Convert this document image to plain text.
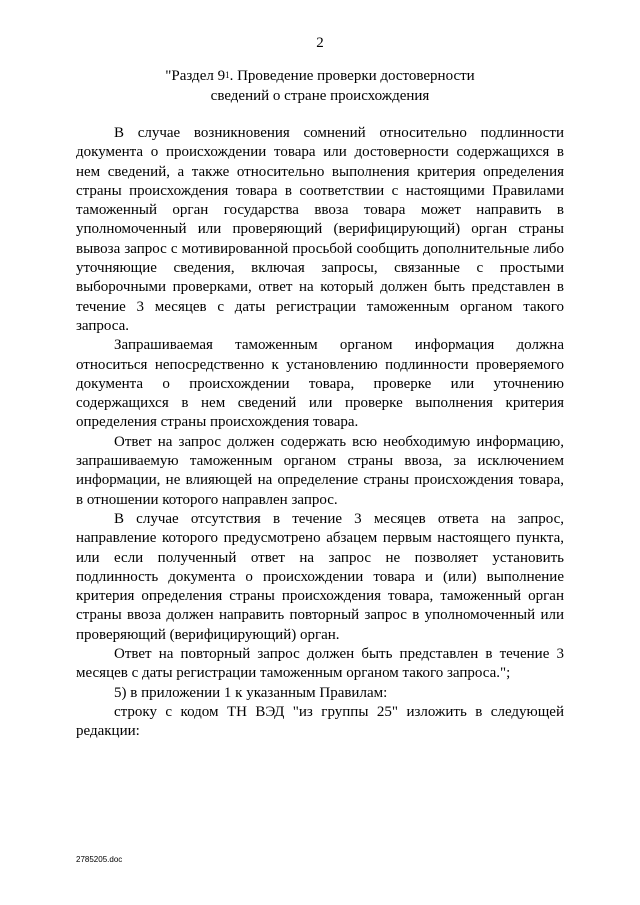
2
"Раздел $9^1$. Проведение проверки достоверности
сведений о стране происхождения

В случае возникновения сомнений относительно подлинности документа о происхождении товара или достоверности содержащихся в нем сведений, а также относительно выполнения критерия определения страны происхождения товара в соответствии с настоящими Правилами таможенный орган государства ввоза товара может направить в уполномоченный или проверяющий (верифицирующий) орган страны вывоза запрос с мотивированной просьбой сообщить дополнительные либо уточняющие сведения, включая запросы, связанные с простыми выборочными проверками, ответ на который должен быть представлен в течение 3 месяцев с даты регистрации таможенным органом такого запроса.

Запрашиваемая таможенным органом информация должна относиться непосредственно к установлению подлинности проверяемого документа о происхождении товара, проверке или уточнению содержащихся в нем сведений или проверке выполнения критерия определения страны происхождения товара.

Ответ на запрос должен содержать всю необходимую информацию, запрашиваемую таможенным органом страны ввоза, за исключением информации, не влияющей на определение страны происхождения товара, в отношении которого направлен запрос.

В случае отсутствия в течение 3 месяцев ответа на запрос, направление которого предусмотрено абзацем первым настоящего пункта, или если полученный ответ на запрос не позволяет установить подлинность документа о происхождении товара и (или) выполнение критерия определения страны происхождения товара, таможенный орган страны ввоза должен направить повторный запрос в уполномоченный или проверяющий (верифицирующий) орган.

Ответ на повторный запрос должен быть представлен в течение 3 месяцев с даты регистрации таможенным органом такого запроса.";

5) в приложении 1 к указанным Правилам:

строку с кодом ТН ВЭД "из группы 25" изложить в следующей редакции:

2785205.doc
